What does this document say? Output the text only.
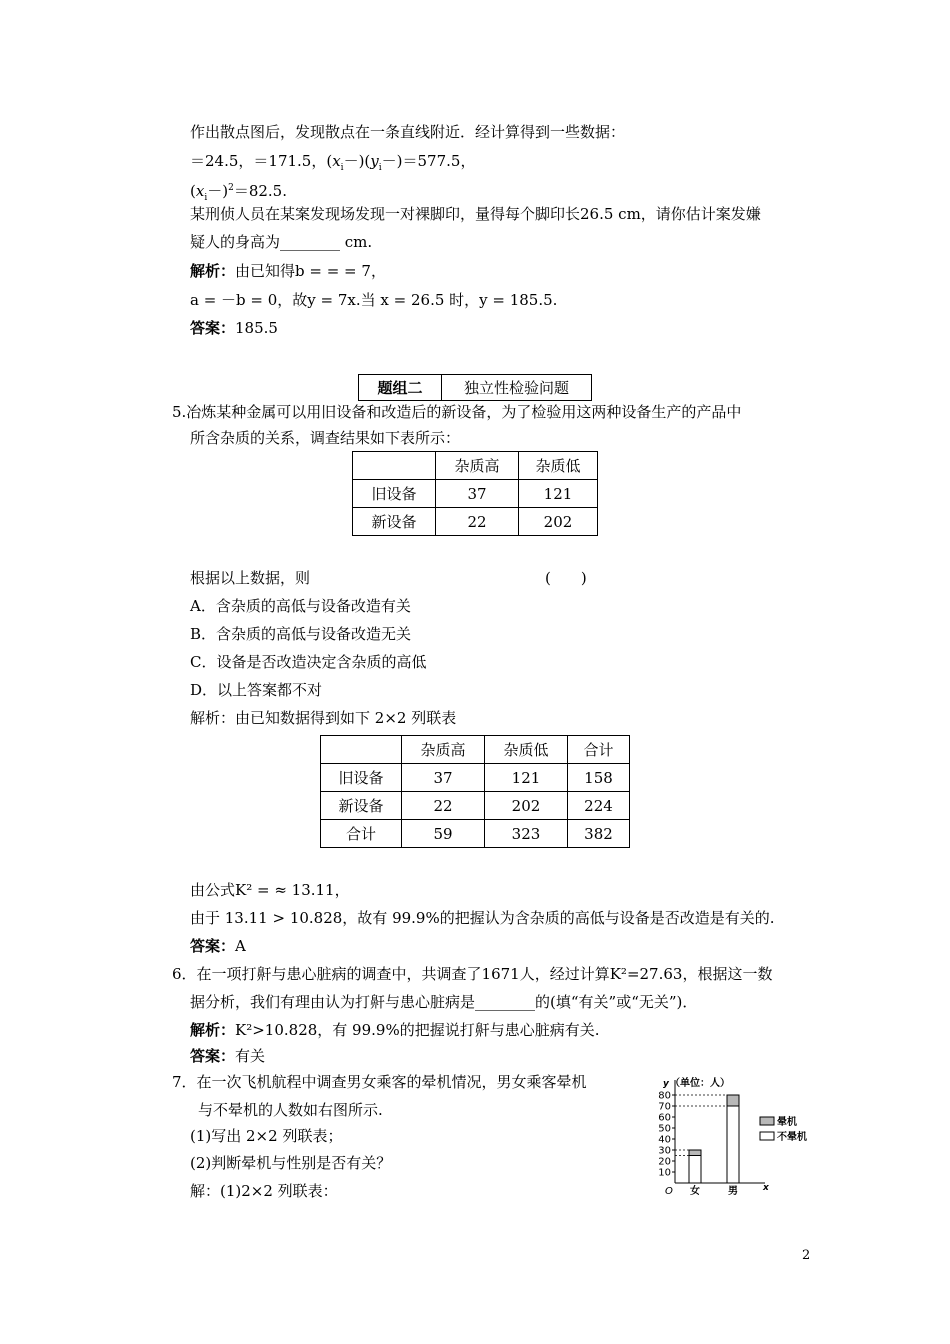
作出散点图后，发现散点在一条直线附近．经计算得到一些数据：
＝24.5，＝171.5，$(x_i-)(y_i-)=577.5$，
$(x_i-)^2=82.5$.
某刑侦人员在某案发现场发现一对裸脚印，量得每个脚印长26.5 cm，请你估计案发嫌
疑人的身高为________ cm.
解析：由已知得b = = = 7，
a = －b = 0，故y = 7x.当 x = 26.5 时，y = 185.5.
答案：185.5
题组二	独立性检验问题
5.冶炼某种金属可以用旧设备和改造后的新设备，为了检验用这两种设备生产的产品中
所含杂质的关系，调查结果如下表所示：
	杂质高	杂质低
旧设备	37	121
新设备	22	202
根据以上数据，则	(　　)
A．含杂质的高低与设备改造有关
B．含杂质的高低与设备改造无关
C．设备是否改造决定含杂质的高低
D．以上答案都不对
解析：由已知数据得到如下 2×2 列联表
	杂质高	杂质低	合计
旧设备	37	121	158
新设备	22	202	224
合计	59	323	382
由公式K² = ≈ 13.11，
由于 13.11 > 10.828，故有 99.9%的把握认为含杂质的高低与设备是否改造是有关的.
答案：A
6．在一项打鼾与患心脏病的调查中，共调查了1671人，经过计算K²=27.63，根据这一数
据分析，我们有理由认为打鼾与患心脏病是________的(填“有关”或“无关”)．
解析：K²>10.828，有 99.9%的把握说打鼾与患心脏病有关.
答案：有关
7．在一次飞机航程中调查男女乘客的晕机情况，男女乘客晕机
与不晕机的人数如右图所示.
(1)写出 2×2 列联表；
(2)判断晕机与性别是否有关？
解：(1)2×2 列联表：
y （单位：人）
x
O
10
20
30
40
50
60
70
80
女	男
晕机
不晕机
2
